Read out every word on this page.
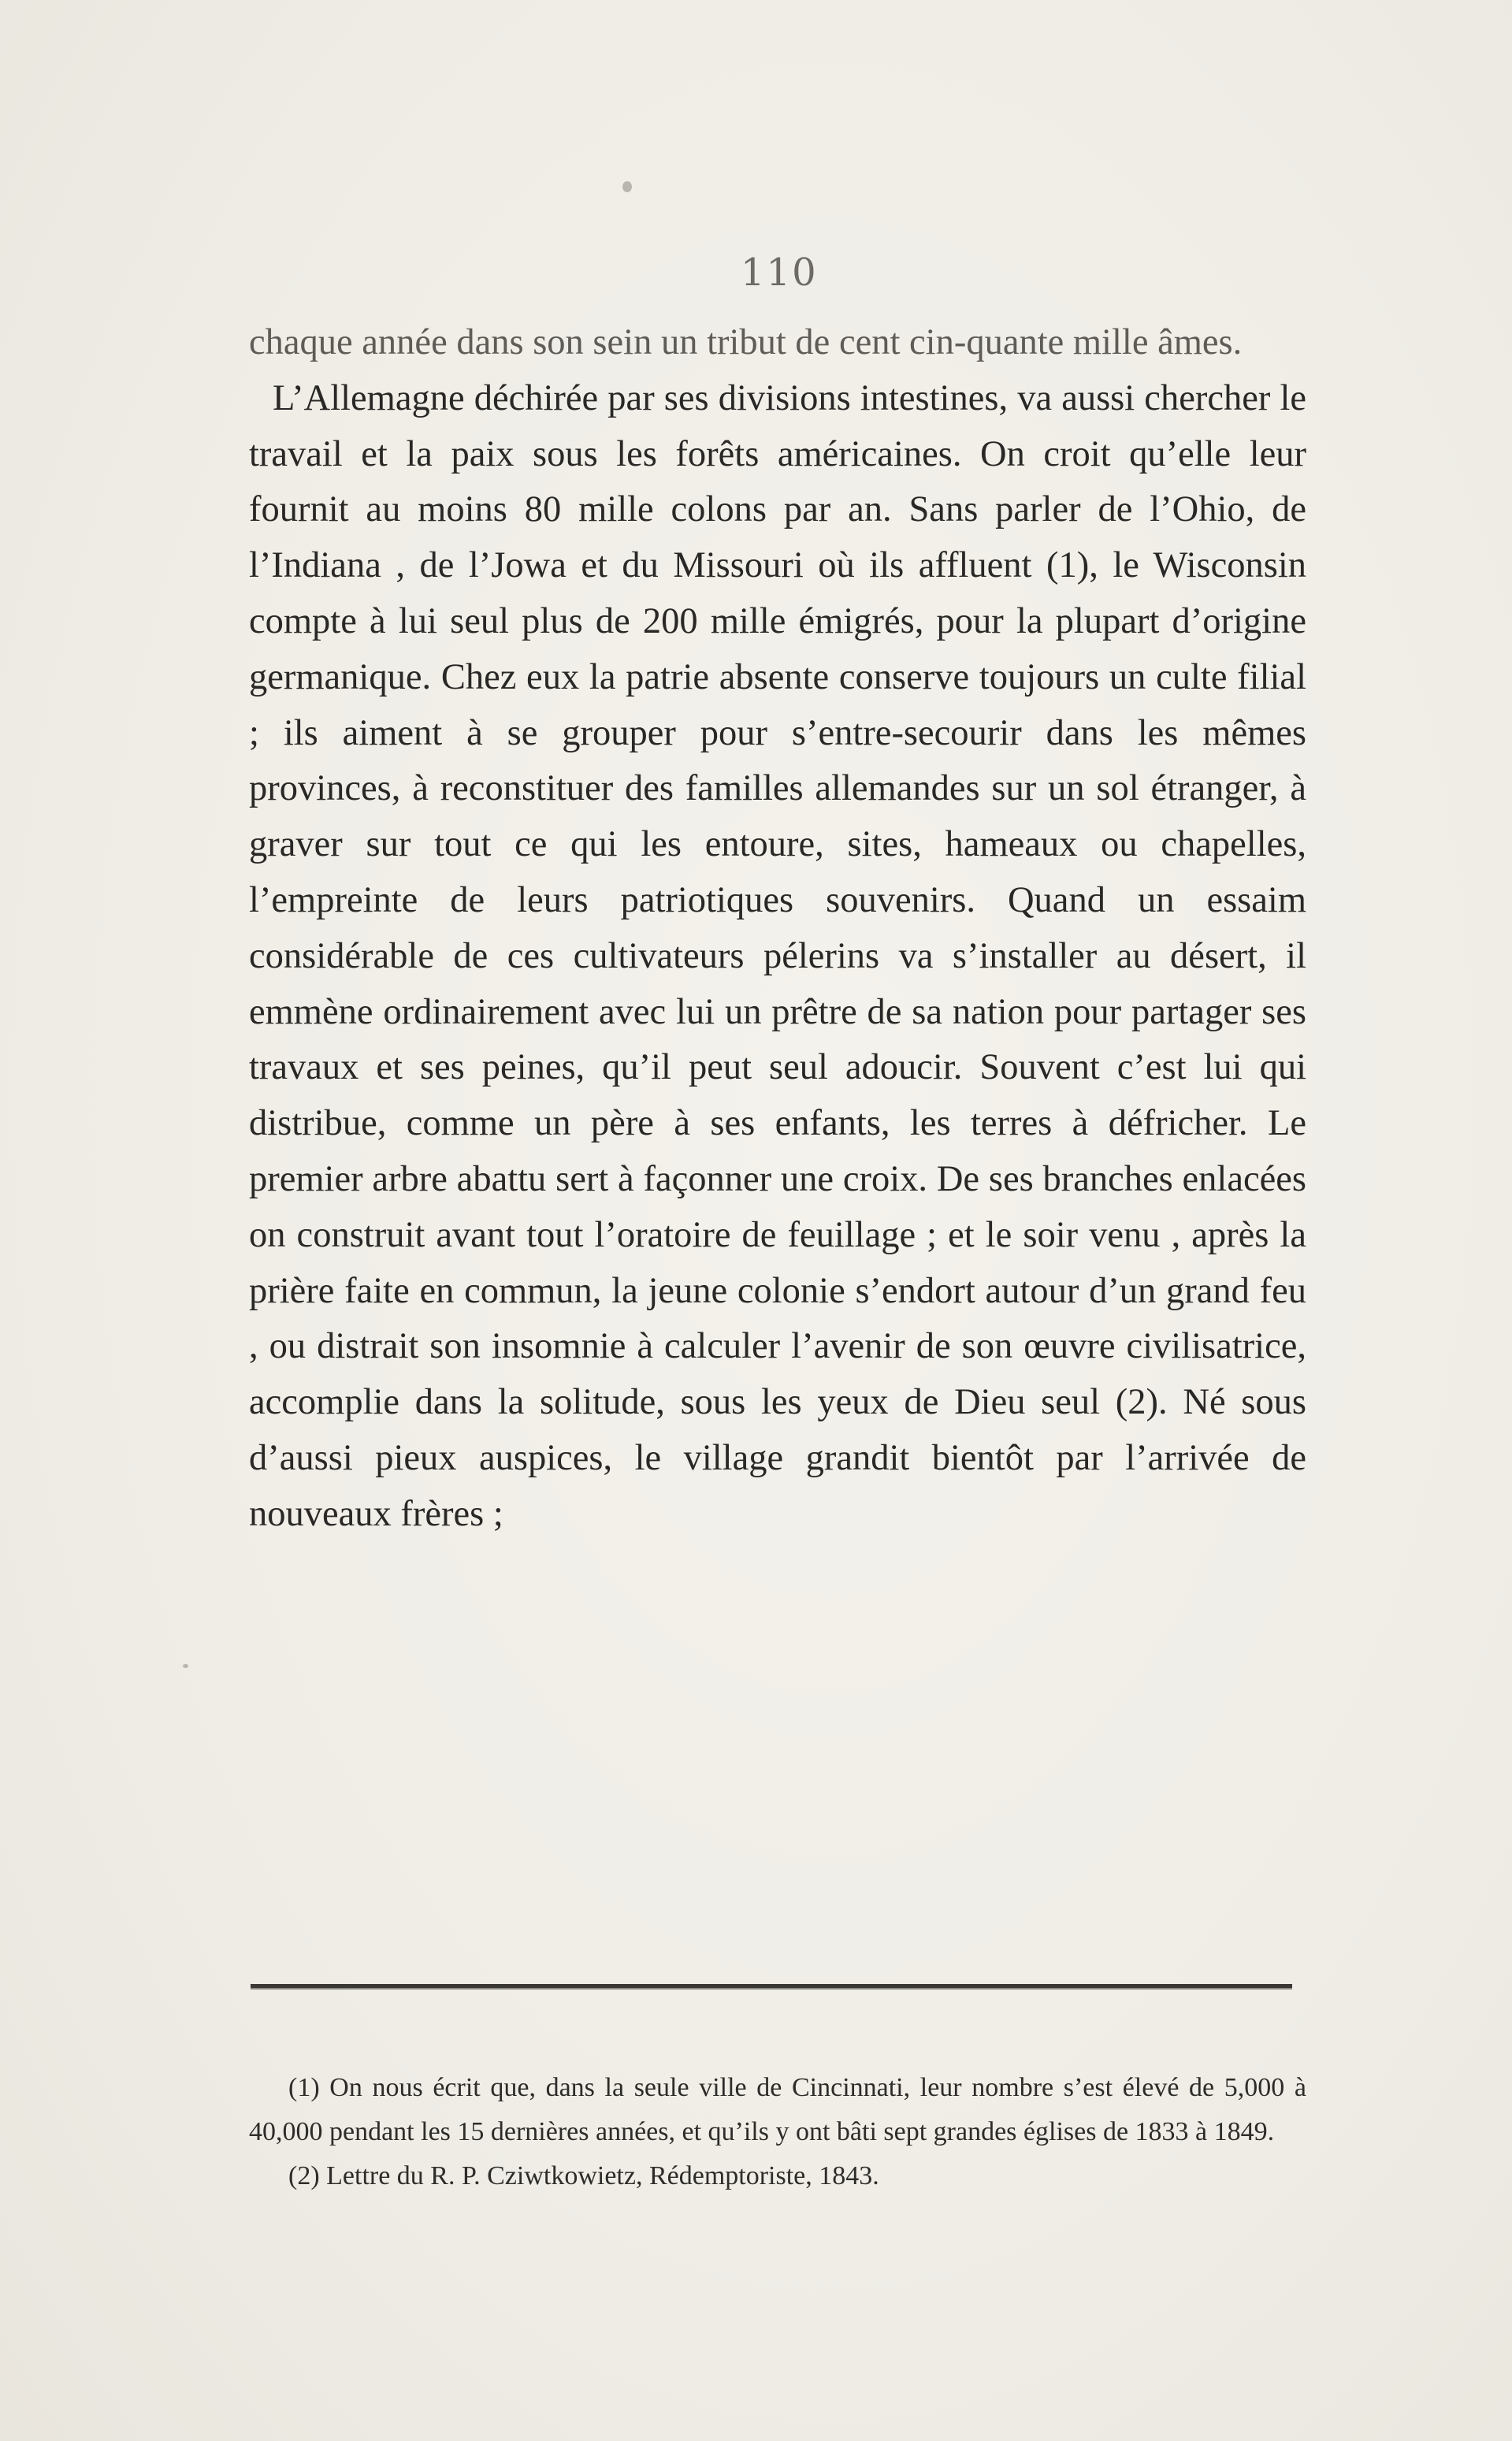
110

chaque année dans son sein un tribut de cent cin-quante mille âmes.

L’Allemagne déchirée par ses divisions intestines, va aussi chercher le travail et la paix sous les forêts américaines. On croit qu’elle leur fournit au moins 80 mille colons par an. Sans parler de l’Ohio, de l’Indiana , de l’Jowa et du Missouri où ils affluent (1), le Wisconsin compte à lui seul plus de 200 mille émigrés, pour la plupart d’origine germanique. Chez eux la patrie absente conserve toujours un culte filial ; ils aiment à se grouper pour s’entre-secourir dans les mêmes provinces, à reconstituer des familles allemandes sur un sol étranger, à graver sur tout ce qui les entoure, sites, hameaux ou chapelles, l’empreinte de leurs patriotiques souvenirs. Quand un essaim considérable de ces cultivateurs pélerins va s’installer au désert, il emmène ordinairement avec lui un prêtre de sa nation pour partager ses travaux et ses peines, qu’il peut seul adoucir. Souvent c’est lui qui distribue, comme un père à ses enfants, les terres à défricher. Le premier arbre abattu sert à façonner une croix. De ses branches enlacées on construit avant tout l’oratoire de feuillage ; et le soir venu , après la prière faite en commun, la jeune colonie s’endort autour d’un grand feu , ou distrait son insomnie à calculer l’avenir de son œuvre civilisatrice, accomplie dans la solitude, sous les yeux de Dieu seul (2). Né sous d’aussi pieux auspices, le village grandit bientôt par l’arrivée de nouveaux frères ;

(1) On nous écrit que, dans la seule ville de Cincinnati, leur nombre s’est élevé de 5,000 à 40,000 pendant les 15 dernières années, et qu’ils y ont bâti sept grandes églises de 1833 à 1849.

(2) Lettre du R. P. Cziwtkowietz, Rédemptoriste, 1843.
